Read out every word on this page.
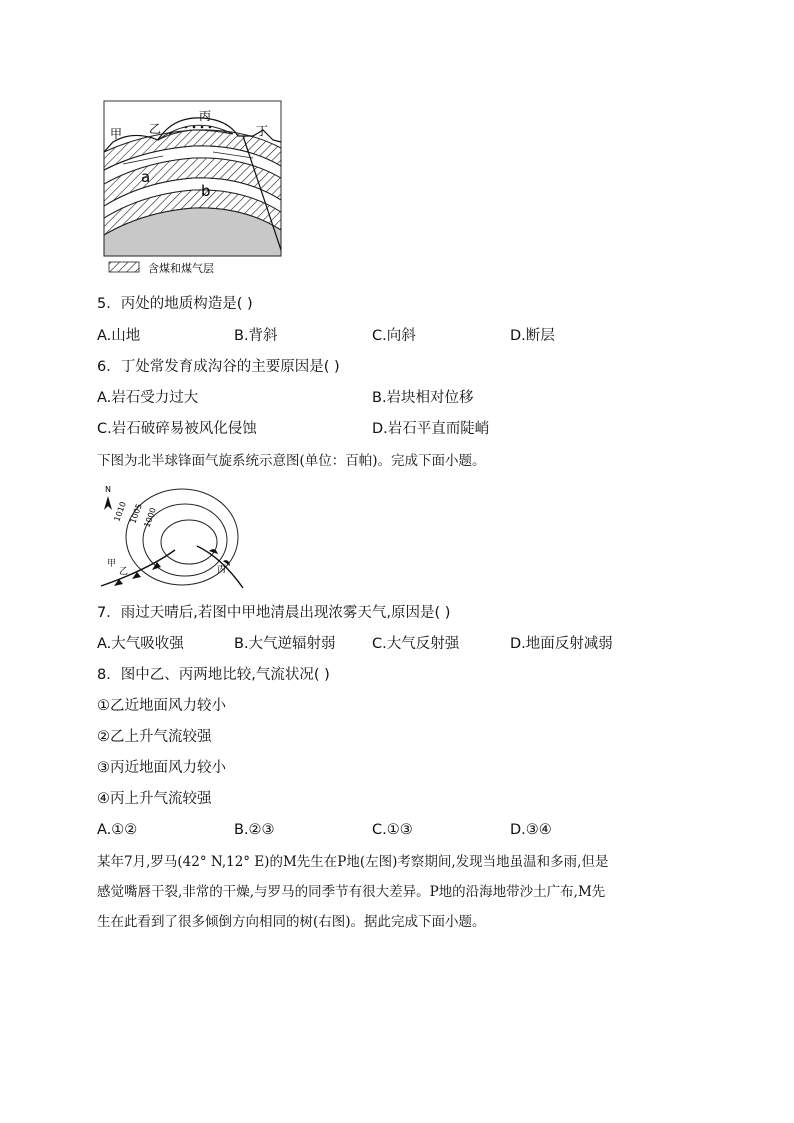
甲 乙
丙
丁
a
b
含煤和煤气层
5．丙处的地质构造是( )
A.山地	B.背斜	C.向斜	D.断层
6．丁处常发育成沟谷的主要原因是( )
A.岩石受力过大	B.岩块相对位移
C.岩石破碎易被风化侵蚀	D.岩石平直而陡峭
下图为北半球锋面气旋系统示意图(单位：百帕)。完成下面小题。
N
1010 1005
1000
甲
乙	丙
7．雨过天晴后,若图中甲地清晨出现浓雾天气,原因是( )
A.大气吸收强	B.大气逆辐射弱	C.大气反射强	D.地面反射减弱
8．图中乙、丙两地比较,气流状况( )
①乙近地面风力较小
②乙上升气流较强
③丙近地面风力较小
④丙上升气流较强
A.①②	B.②③	C.①③	D.③④
某年7月,罗马(42° N,12° E)的M先生在P地(左图)考察期间,发现当地虽温和多雨,但是
感觉嘴唇干裂,非常的干燥,与罗马的同季节有很大差异。P地的沿海地带沙土广布,M先
生在此看到了很多倾倒方向相同的树(右图)。据此完成下面小题。
